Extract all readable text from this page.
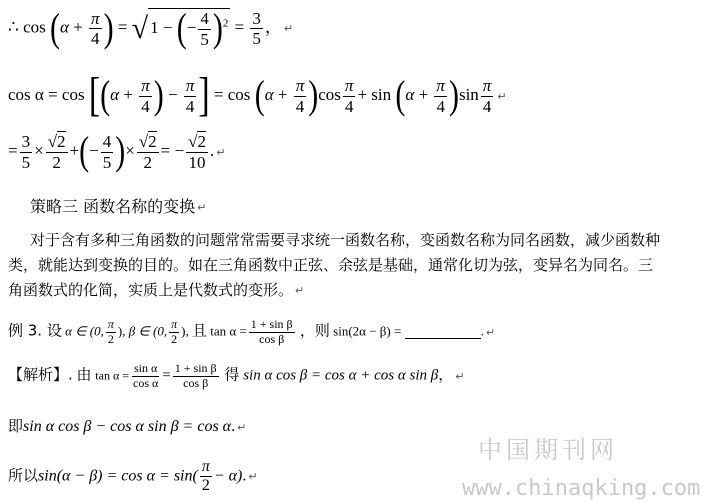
∴ $\cos (\alpha + \frac{\pi}{4}$ ) = √ 1 − (− $\frac{4}{5} )^2 = \frac{3}{5}$ ， ↵
$\cos \alpha = \cos [(\alpha + \frac{\pi}{4}$ ) − $\frac{\pi}{4}$ ] = $\cos (\alpha + \frac{\pi}{4} )\cos \frac{\pi}{4} + \sin (\alpha + \frac{\pi}{4} )\sin \frac{\pi}{4}$ ↵
= $\frac{3}{5} \times \frac{√2}{2}$ +(− $\frac{4}{5}$ )× $\frac{√2}{2}$ = − $\frac{√2}{10}$ . ↵
策略三 函数名称的变换 ↵
对于含有多种三角函数的问题常常需要寻求统一函数名称，变函数名称为同名函数，减少函数种
类，就能达到变换的目的。如在三角函数中正弦、余弦是基础，通常化切为弦，变异名为同名。三
角函数式的化简，实质上是代数式的变形。 ↵
例 3. 设 α ∈ (0, $\frac{\pi}{2}$ ), β ∈ (0, $\frac{\pi}{2}$ ), 且 $\tan \alpha = \frac{\text{1 + sin β}}{\text{cos β}}$ ，则 sin(2α − β) =	. ↵
【解析】. 由 $\tan \alpha = \frac{\text{sin α}}{\text{cos α}} = \frac{\text{1 + sin β}}{\text{cos β}}$ 得 sin α cos β = cos α + cos α sin β， ↵
即sin α cos β − cos α sin β = cos α. ↵
所以$\sin(\alpha - \beta) = \cos \alpha = \sin( \frac{\pi}{2} - \alpha)$. ↵
中国期刊网
www.chinaqking.com
